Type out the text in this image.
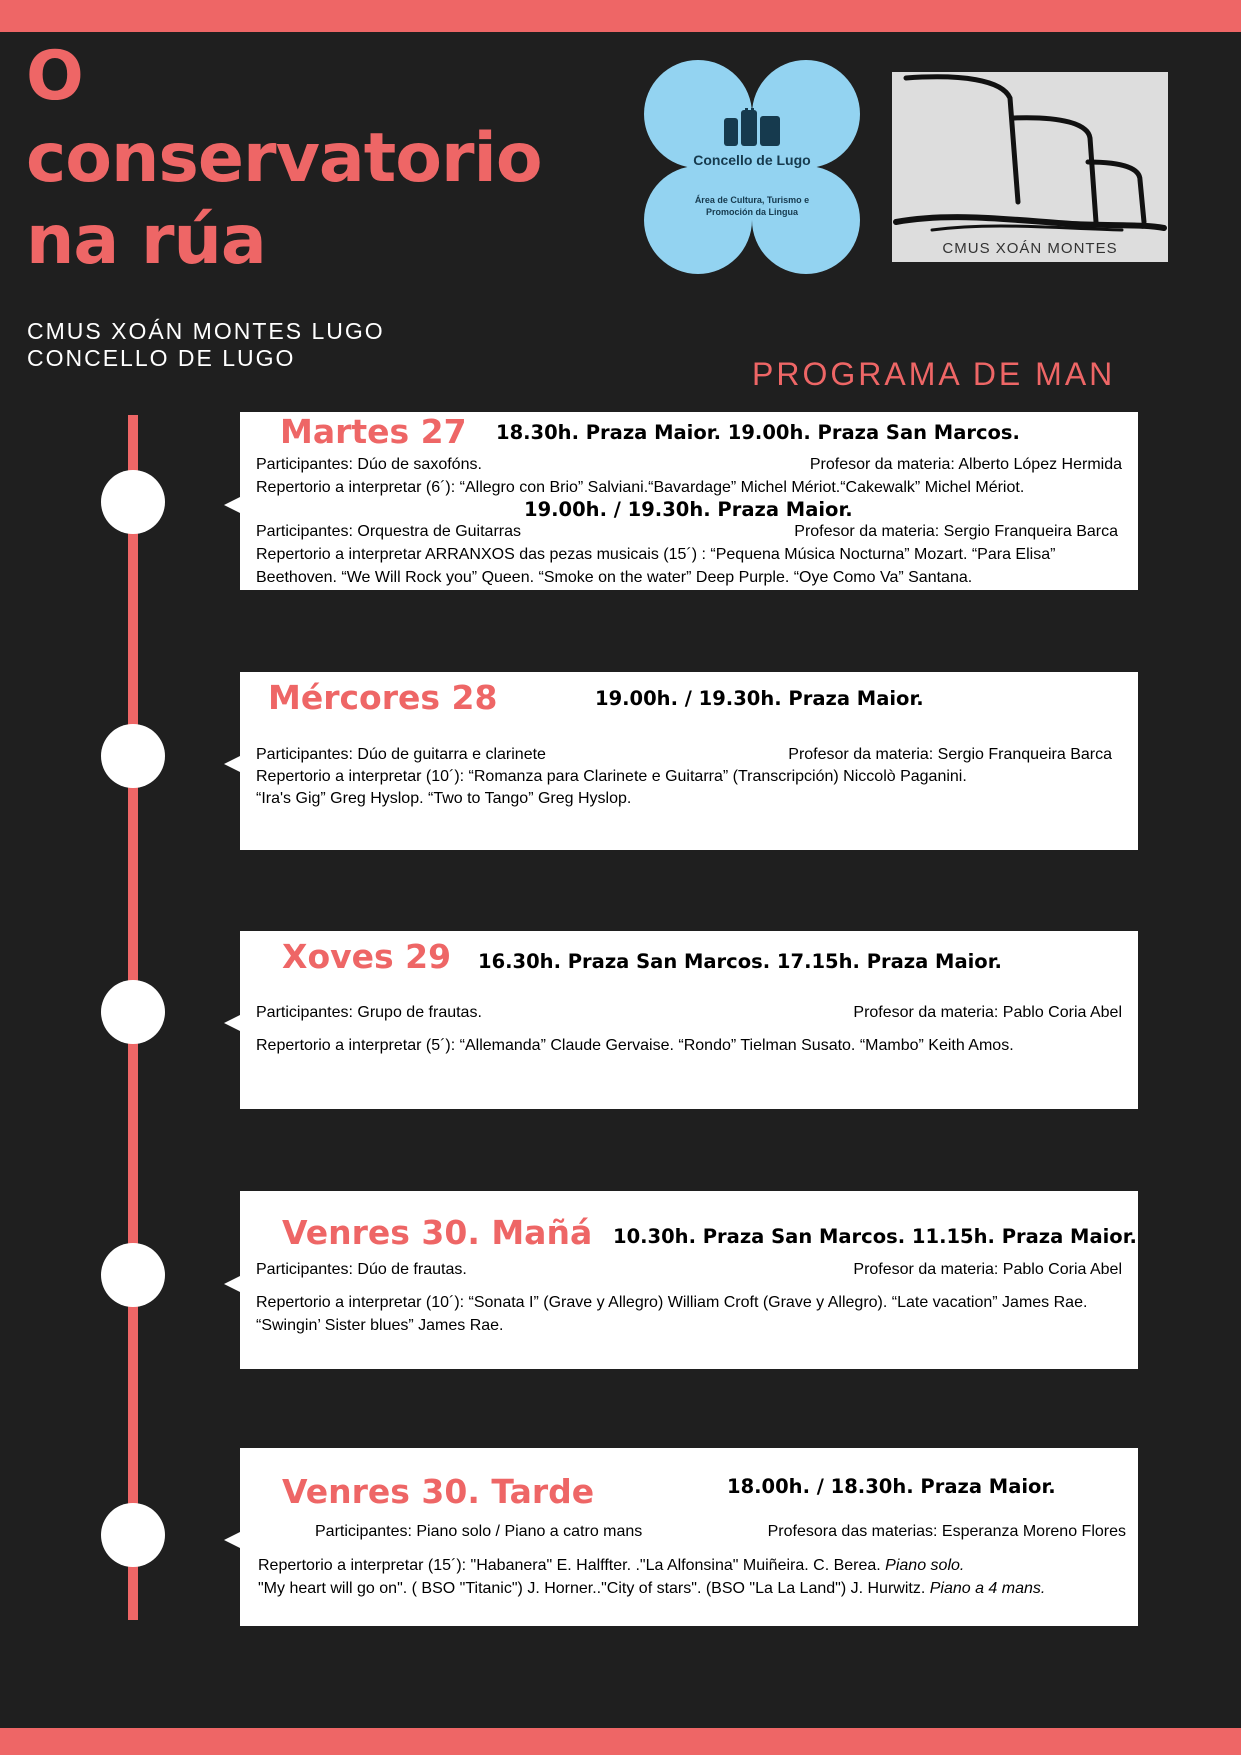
O
conservatorio
na rúa
CMUS XOÁN MONTES LUGO
CONCELLO DE LUGO
Concello de Lugo
Área de Cultura, Turismo e
Promoción da Lingua
CMUS XOÁN MONTES
PROGRAMA DE MAN
Martes 27 18.30h. Praza Maior. 19.00h. Praza San Marcos.
Participantes: Dúo de saxofóns.	Profesor da materia: Alberto López Hermida
Repertorio a interpretar (6´): “Allegro con Brio” Salviani.“Bavardage” Michel Mériot.“Cakewalk” Michel Mériot.
19.00h. / 19.30h. Praza Maior.
Participantes: Orquestra de Guitarras	Profesor da materia: Sergio Franqueira Barca
Repertorio a interpretar ARRANXOS das pezas musicais (15´) : “Pequena Música Nocturna” Mozart. “Para Elisa”
Beethoven. “We Will Rock you” Queen. “Smoke on the water” Deep Purple. “Oye Como Va” Santana.
Mércores 28	19.00h. / 19.30h. Praza Maior.
Participantes: Dúo de guitarra e clarinete	Profesor da materia: Sergio Franqueira Barca
Repertorio a interpretar (10´): “Romanza para Clarinete e Guitarra” (Transcripción) Niccolò Paganini.
“Ira's Gig” Greg Hyslop. “Two to Tango” Greg Hyslop.
Xoves 29 16.30h. Praza San Marcos. 17.15h. Praza Maior.
Participantes: Grupo de frautas.	Profesor da materia: Pablo Coria Abel
Repertorio a interpretar (5´): “Allemanda” Claude Gervaise. “Rondo” Tielman Susato. “Mambo” Keith Amos.
Venres 30. Mañá 10.30h. Praza San Marcos. 11.15h. Praza Maior.
Participantes: Dúo de frautas.	Profesor da materia: Pablo Coria Abel
Repertorio a interpretar (10´): “Sonata I” (Grave y Allegro) William Croft (Grave y Allegro). “Late vacation” James Rae.
“Swingin’ Sister blues” James Rae.
Venres 30. Tarde	18.00h. / 18.30h. Praza Maior.
Participantes: Piano solo / Piano a catro mans	Profesora das materias: Esperanza Moreno Flores
Repertorio a interpretar (15´): "Habanera" E. Halffter. ."La Alfonsina" Muiñeira. C. Berea. Piano solo.
"My heart will go on". ( BSO "Titanic") J. Horner.."City of stars". (BSO "La La Land") J. Hurwitz. Piano a 4 mans.
